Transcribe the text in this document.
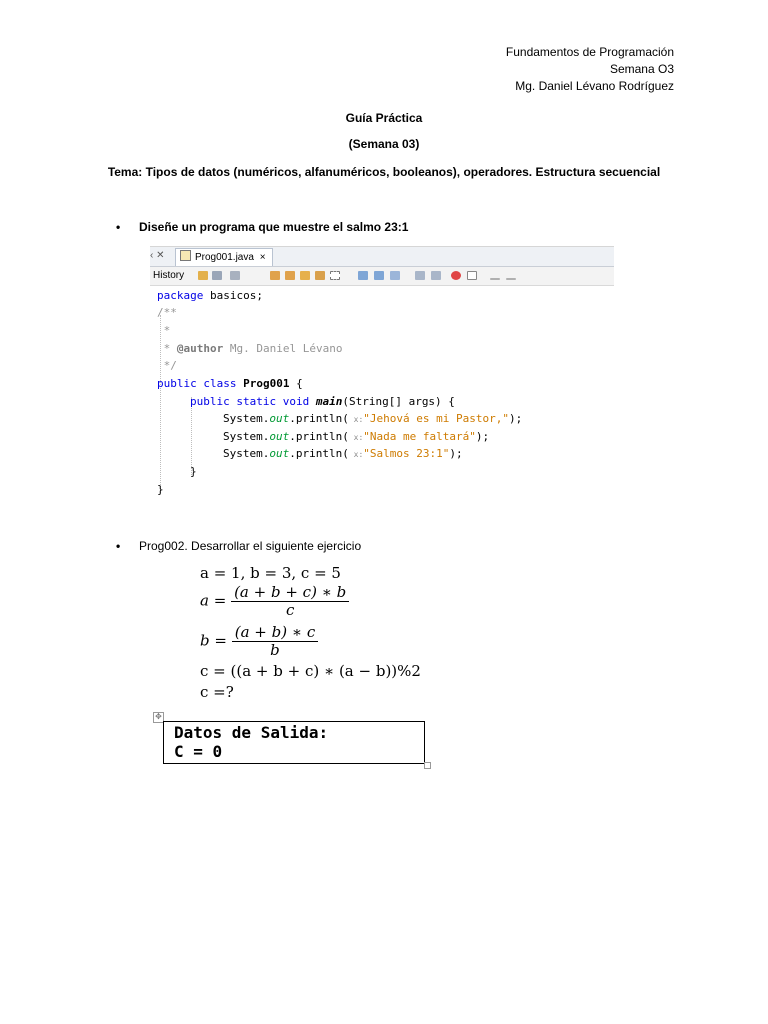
Fundamentos de Programación
Semana O3
Mg. Daniel Lévano Rodríguez
Guía Práctica
(Semana 03)
Tema: Tipos de datos (numéricos, alfanuméricos, booleanos), operadores. Estructura secuencial
• Diseñe un programa que muestre el salmo 23:1
‹ ✕	Prog001.java ×
History
package basicos;
/**
*
* @author Mg. Daniel Lévano
*/
public class Prog001 {
public static void main(String[] args) {
System.out.println( x:"Jehová es mi Pastor,");
System.out.println( x:"Nada me faltará");
System.out.println( x:"Salmos 23:1");
}
}
• Prog002. Desarrollar el siguiente ejercicio
a = 1, b = 3, c = 5
$a = \frac{(a + b + c) ∗ b}{c}$
$b = \frac{(a + b) ∗ c}{b}$
c = ((a + b + c) ∗ (a − b))%2
c =?
✥
Datos de Salida:
C = 0
